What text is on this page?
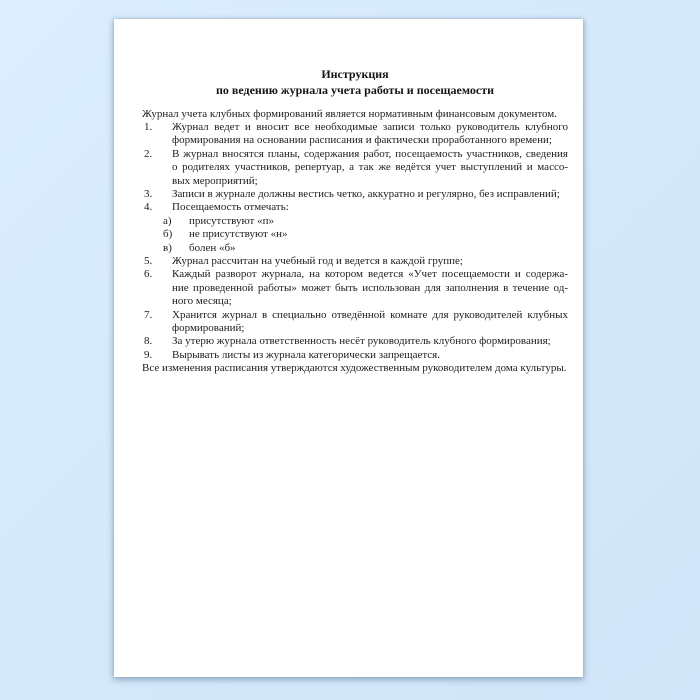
Инструкция
по ведению журнала учета работы и посещаемости

Журнал учета клубных формирований является нормативным финансовым документом.

1. Журнал ведет и вносит все необходимые записи только руководитель клубного
формирования на основании расписания и фактически проработанного времени;
2. В журнал вносятся планы, содержания работ, посещаемость участников, сведения
о родителях участников, репертуар, а так же ведётся учет выступлений и массо-
вых мероприятий;
3. Записи в журнале должны вестись четко, аккуратно и регулярно, без исправлений;
4. Посещаемость отмечать:
а) присутствуют «п»
б) не присутствуют «н»
в) болен «б»
5. Журнал рассчитан на учебный год и ведется в каждой группе;
6. Каждый разворот журнала, на котором ведется «Учет посещаемости и содержа-
ние проведенной работы» может быть использован для заполнения в течение од-
ного месяца;
7. Хранится журнал в специально отведённой комнате для руководителей клубных
формирований;
8. За утерю журнала ответственность несёт руководитель клубного формирования;
9. Вырывать листы из журнала категорически запрещается.

Все изменения расписания утверждаются художественным руководителем дома культуры.
